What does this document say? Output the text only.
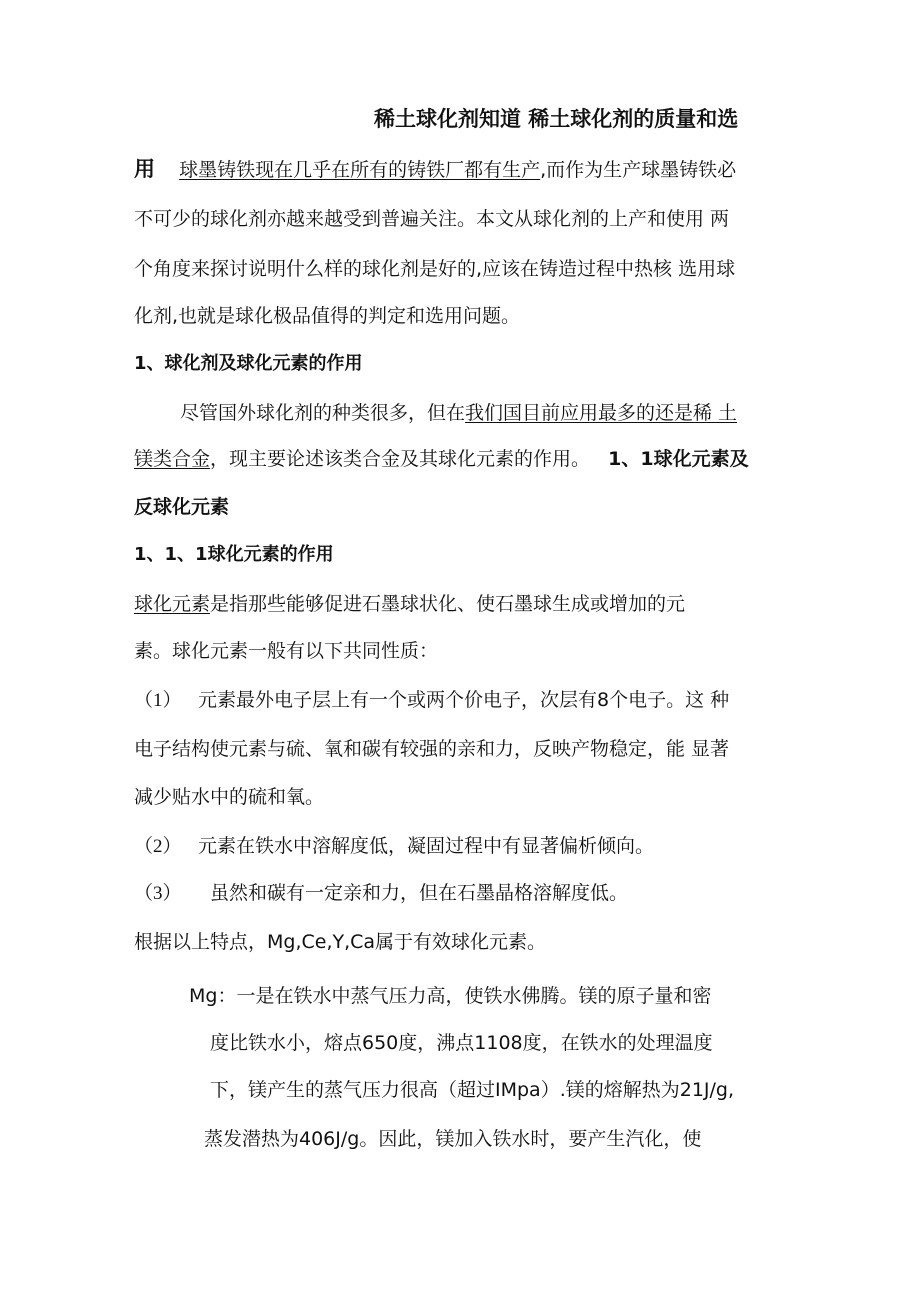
稀土球化剂知道 稀土球化剂的质量和选
用 球墨铸铁现在几乎在所有的铸铁厂都有生产,而作为生产球墨铸铁必
不可少的球化剂亦越来越受到普遍关注。本文从球化剂的上产和使用 两
个角度来探讨说明什么样的球化剂是好的,应该在铸造过程中热核 选用球
化剂,也就是球化极品值得的判定和选用问题。
1、球化剂及球化元素的作用
尽管国外球化剂的种类很多，但在我们国目前应用最多的还是稀 土
镁类合金，现主要论述该类合金及其球化元素的作用。 1、1球化元素及
反球化元素
1、1、1球化元素的作用
球化元素是指那些能够促进石墨球状化、使石墨球生成或增加的元
素。球化元素一般有以下共同性质：
（1） 元素最外电子层上有一个或两个价电子，次层有8个电子。这 种
电子结构使元素与硫、氧和碳有较强的亲和力，反映产物稳定，能 显著
减少贴水中的硫和氧。
（2） 元素在铁水中溶解度低，凝固过程中有显著偏析倾向。
（3） 虽然和碳有一定亲和力，但在石墨晶格溶解度低。
根据以上特点，Mg,Ce,Y,Ca属于有效球化元素。
Mg：一是在铁水中蒸气压力高，使铁水佛腾。镁的原子量和密
度比铁水小，熔点650度，沸点1108度，在铁水的处理温度
下，镁产生的蒸气压力很高（超过IMpa）.镁的熔解热为21J/g,
蒸发潜热为406J/g。因此，镁加入铁水时，要产生汽化，使
